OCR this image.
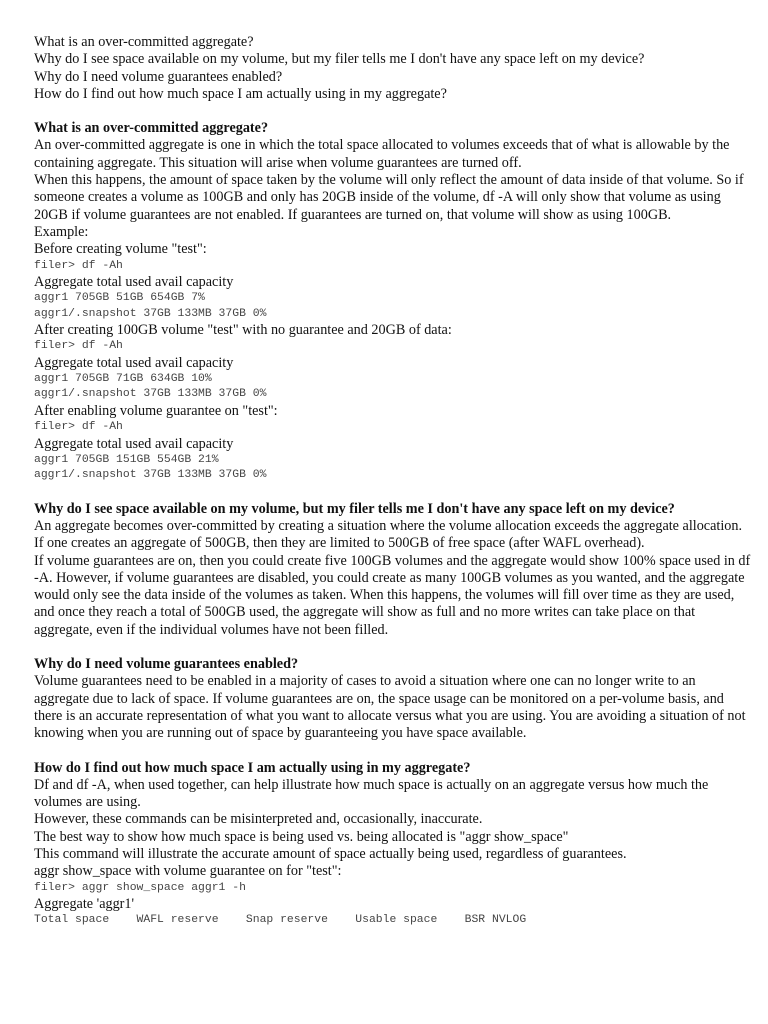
What is an over-committed aggregate?
Why do I see space available on my volume, but my filer tells me I don't have any space left on my device?
Why do I need volume guarantees enabled?
How do I find out how much space I am actually using in my aggregate?
What is an over-committed aggregate?
An over-committed aggregate is one in which the total space allocated to volumes exceeds that of what is allowable by the containing aggregate. This situation will arise when volume guarantees are turned off.
When this happens, the amount of space taken by the volume will only reflect the amount of data inside of that volume. So if someone creates a volume as 100GB and only has 20GB inside of the volume, df -A will only show that volume as using 20GB if volume guarantees are not enabled. If guarantees are turned on, that volume will show as using 100GB.
Example:
Before creating volume "test":
filer> df -Ah
Aggregate total used avail capacity
aggr1 705GB 51GB 654GB 7%
aggr1/.snapshot 37GB 133MB 37GB 0%
After creating 100GB volume "test" with no guarantee and 20GB of data:
filer> df -Ah
Aggregate total used avail capacity
aggr1 705GB 71GB 634GB 10%
aggr1/.snapshot 37GB 133MB 37GB 0%
After enabling volume guarantee on "test":
filer> df -Ah
Aggregate total used avail capacity
aggr1 705GB 151GB 554GB 21%
aggr1/.snapshot 37GB 133MB 37GB 0%
Why do I see space available on my volume, but my filer tells me I don't have any space left on my device?
An aggregate becomes over-committed by creating a situation where the volume allocation exceeds the aggregate allocation.
If one creates an aggregate of 500GB, then they are limited to 500GB of free space (after WAFL overhead).
If volume guarantees are on, then you could create five 100GB volumes and the aggregate would show 100% space used in df -A. However, if volume guarantees are disabled, you could create as many 100GB volumes as you wanted, and the aggregate would only see the data inside of the volumes as taken. When this happens, the volumes will fill over time as they are used, and once they reach a total of 500GB used, the aggregate will show as full and no more writes can take place on that aggregate, even if the individual volumes have not been filled.
Why do I need volume guarantees enabled?
Volume guarantees need to be enabled in a majority of cases to avoid a situation where one can no longer write to an aggregate due to lack of space. If volume guarantees are on, the space usage can be monitored on a per-volume basis, and there is an accurate representation of what you want to allocate versus what you are using. You are avoiding a situation of not knowing when you are running out of space by guaranteeing you have space available.
How do I find out how much space I am actually using in my aggregate?
Df and df -A, when used together, can help illustrate how much space is actually on an aggregate versus how much the volumes are using.
However, these commands can be misinterpreted and, occasionally, inaccurate.
The best way to show how much space is being used vs. being allocated is "aggr show_space"
This command will illustrate the accurate amount of space actually being used, regardless of guarantees.
aggr show_space with volume guarantee on for "test":
filer> aggr show_space aggr1 -h
Aggregate 'aggr1'
Total space    WAFL reserve    Snap reserve    Usable space    BSR NVLOG
